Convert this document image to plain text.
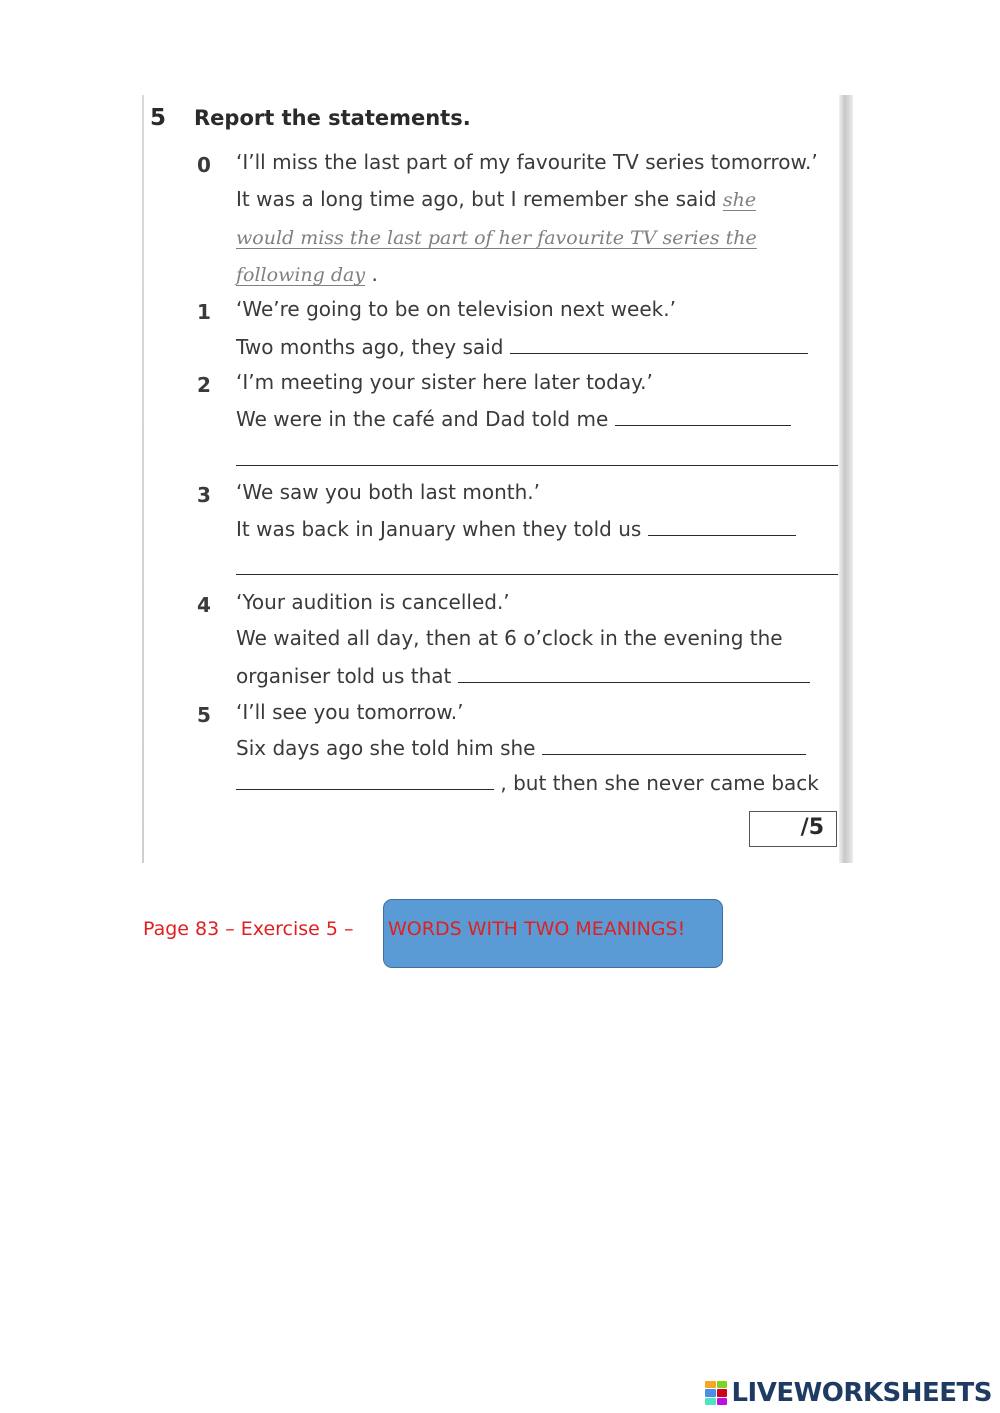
5 Report the statements.
0 ‘I’ll miss the last part of my favourite TV series tomorrow.’
It was a long time ago, but I remember she said she
would miss the last part of her favourite TV series the
following day .
1 ‘We’re going to be on television next week.’
Two months ago, they said
2 ‘I’m meeting your sister here later today.’
We were in the café and Dad told me
3 ‘We saw you both last month.’
It was back in January when they told us
4 ‘Your audition is cancelled.’
We waited all day, then at 6 o’clock in the evening the
organiser told us that
5 ‘I’ll see you tomorrow.’
Six days ago she told him she
, but then she never came back
/5
Page 83 – Exercise 5 – WORDS WITH TWO MEANINGS!
LIVEWORKSHEETS
